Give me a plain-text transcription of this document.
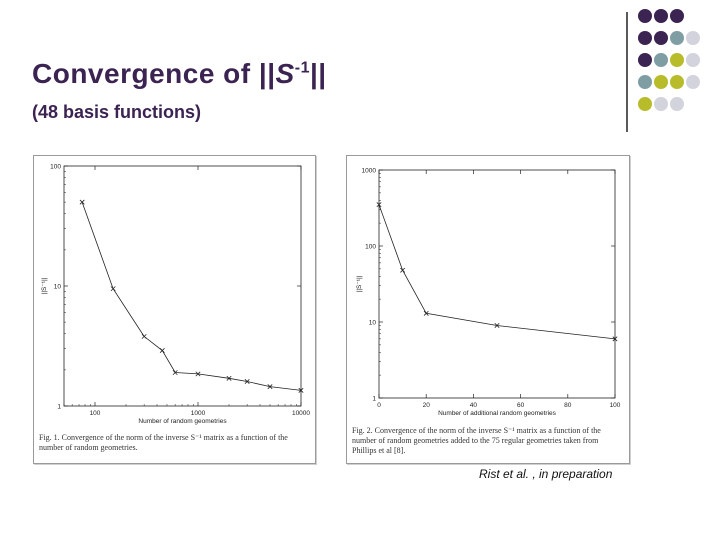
Convergence of $||S^{-1}||$
(48 basis functions)
100	1000	10000
1
10
100
Number of random geometries
||S⁻¹||
Fig. 1. Convergence of the norm of the inverse S⁻¹ matrix as a function of the number of random geometries.
0	20	40	60	80	100
1
10
100
1000
Number of additional random geometries
||S⁻¹||
Fig. 2. Convergence of the norm of the inverse S⁻¹ matrix as a function of the number of random geometries added to the 75 regular geometries taken from Phillips et al [8].
Rist et al. , in preparation
